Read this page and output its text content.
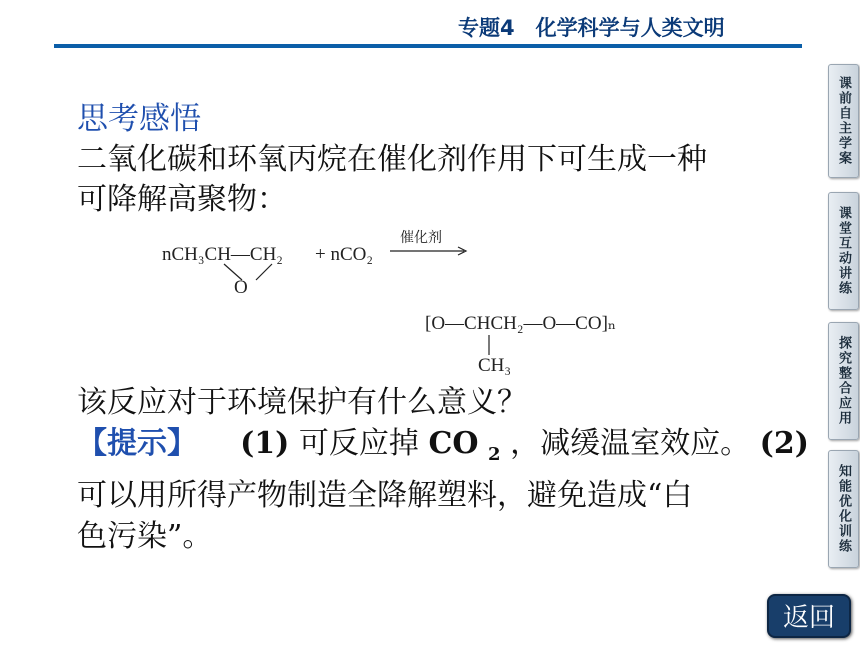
专题4　化学科学与人类文明
思考感悟
二氧化碳和环氧丙烷在催化剂作用下可生成一种
可降解高聚物：
nCH₃CH—CH₂
O
+ nCO₂
催化剂
[O—CHCH₂—O—CO]ₙ
CH₃
该反应对于环境保护有什么意义？
【提示】 (1) 可反应掉 CO $_2$ ，减缓温室效应。 (2)
可以用所得产物制造全降解塑料，避免造成“白
色污染”。
课前自主学案
课堂互动讲练
探究整合应用
知能优化训练
返回
